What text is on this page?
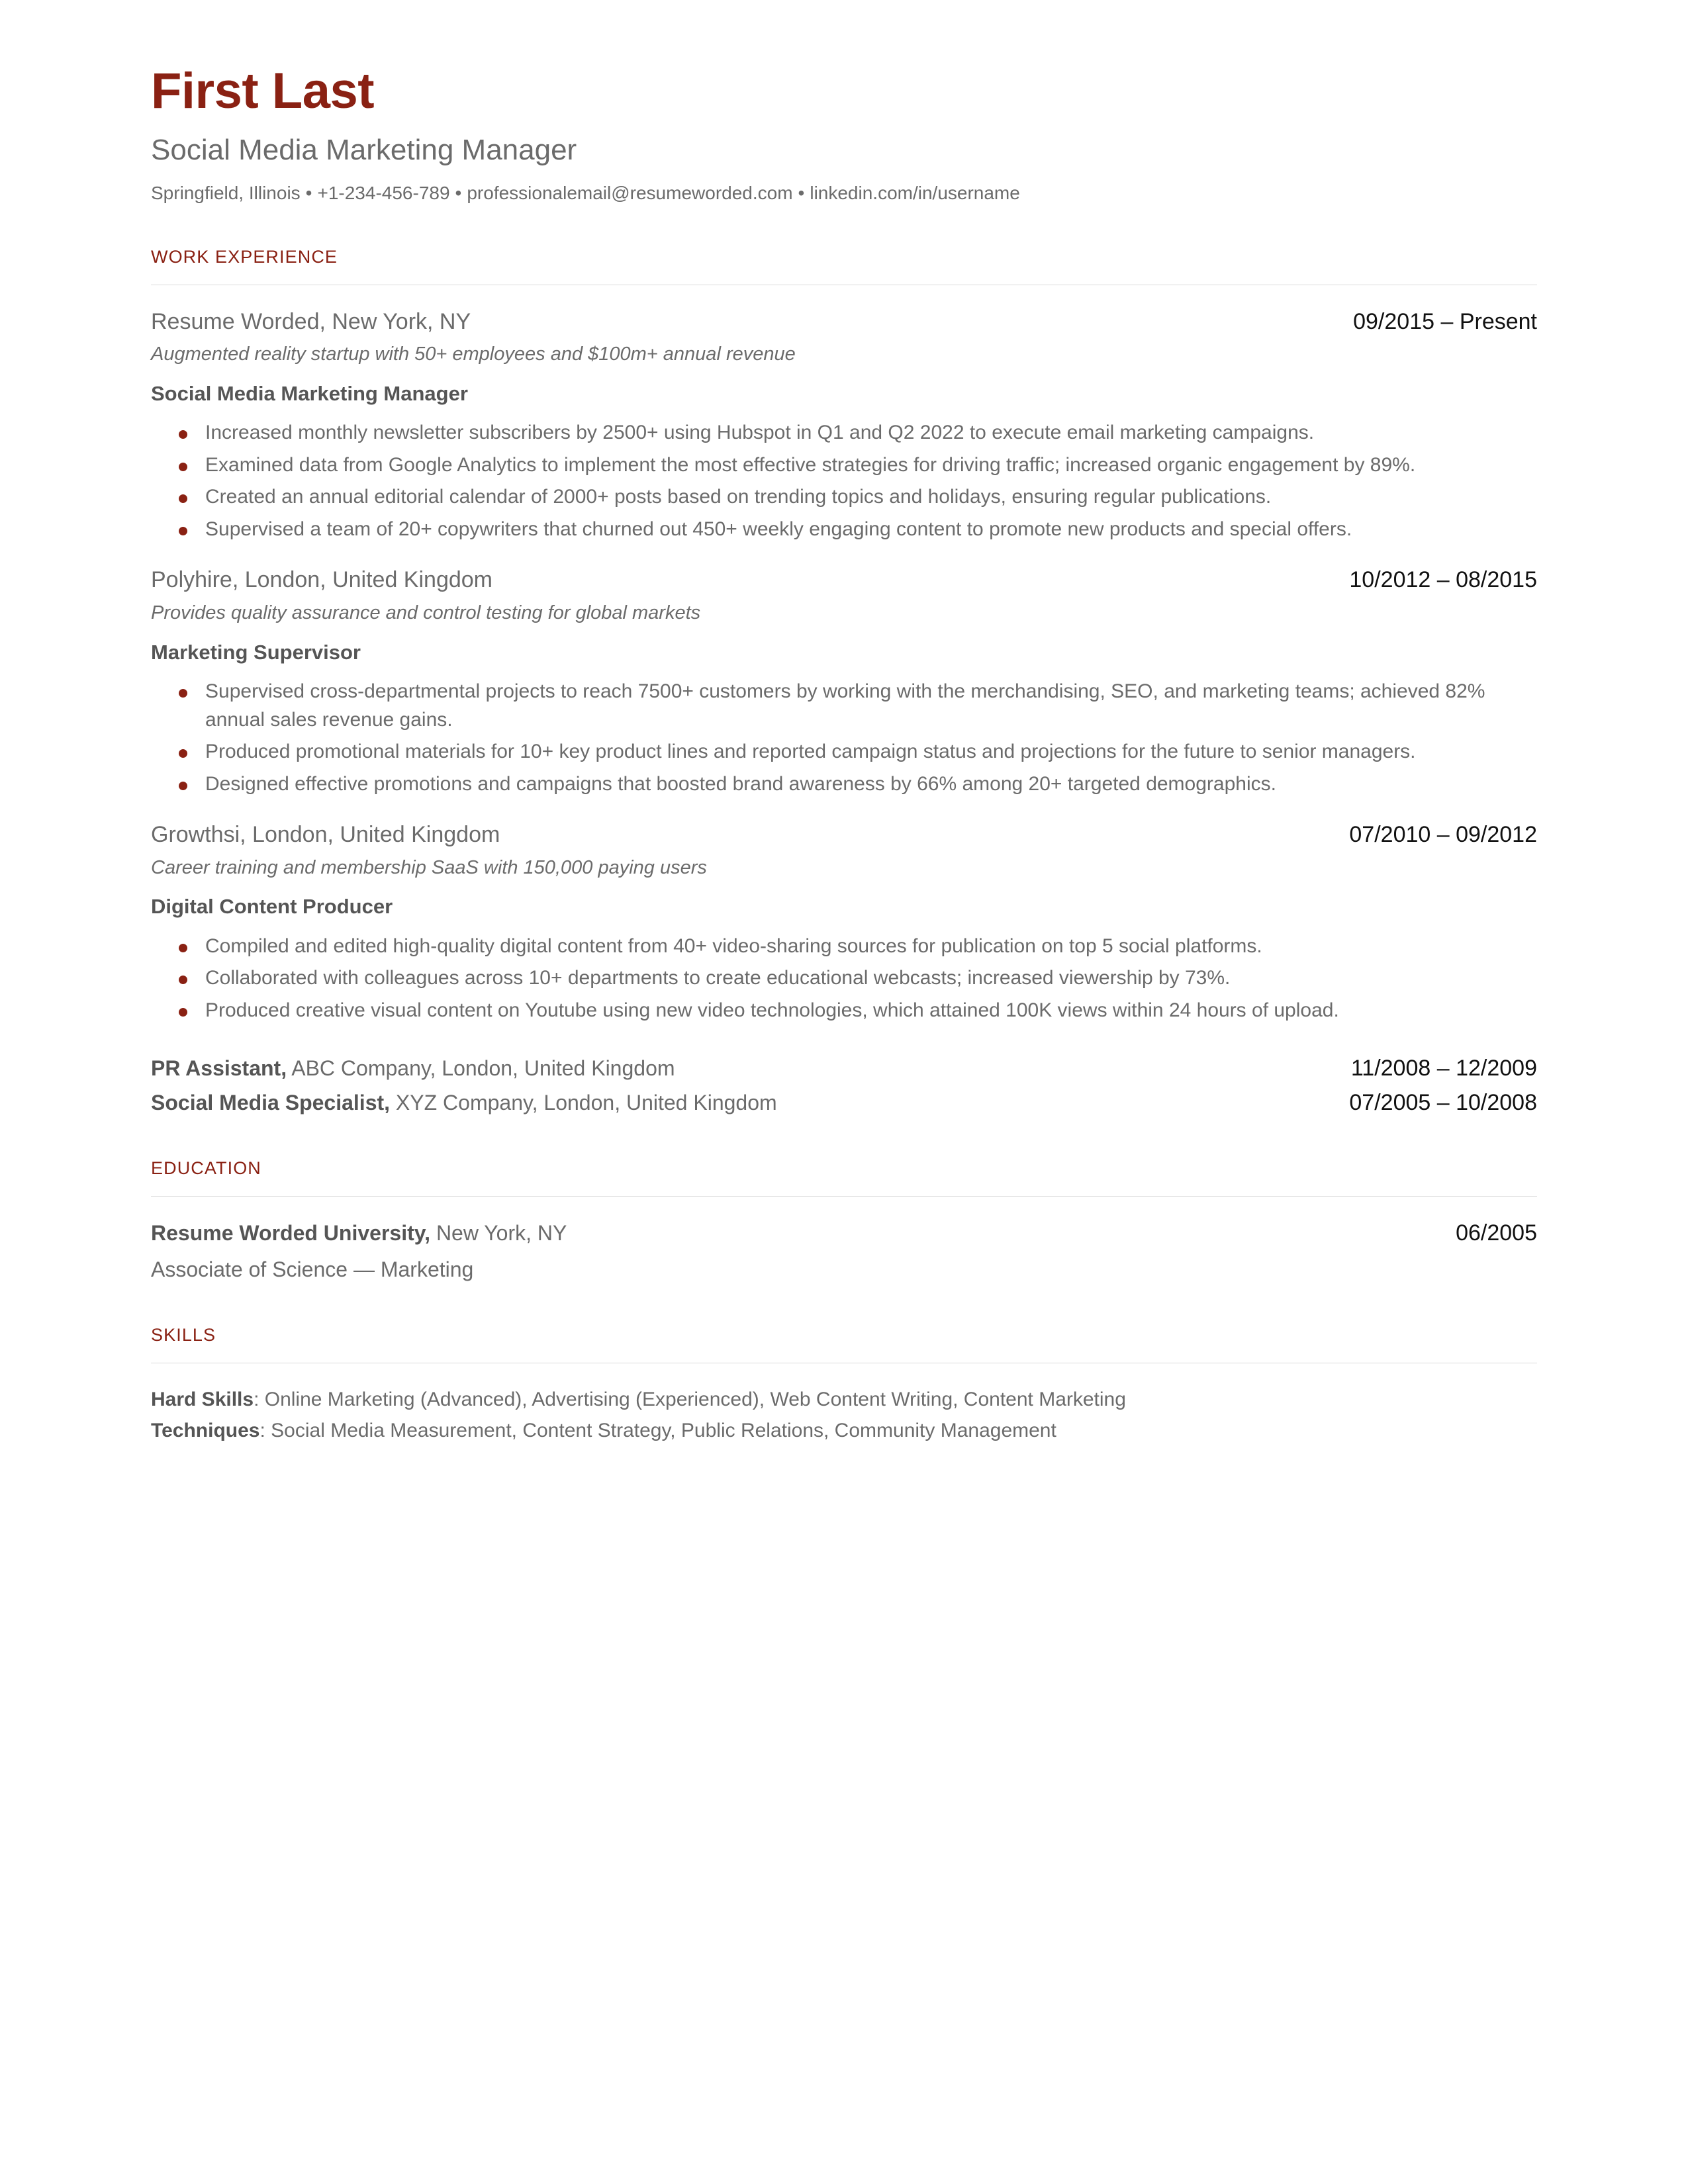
First Last
Social Media Marketing Manager
Springfield, Illinois • +1-234-456-789 • professionalemail@resumeworded.com • linkedin.com/in/username
WORK EXPERIENCE
Resume Worded, New York, NY	09/2015 – Present
Augmented reality startup with 50+ employees and $100m+ annual revenue
Social Media Marketing Manager
Increased monthly newsletter subscribers by 2500+ using Hubspot in Q1 and Q2 2022 to execute email marketing campaigns.
Examined data from Google Analytics to implement the most effective strategies for driving traffic; increased organic engagement by 89%.
Created an annual editorial calendar of 2000+ posts based on trending topics and holidays, ensuring regular publications.
Supervised a team of 20+ copywriters that churned out 450+ weekly engaging content to promote new products and special offers.
Polyhire, London, United Kingdom	10/2012 – 08/2015
Provides quality assurance and control testing for global markets
Marketing Supervisor
Supervised cross-departmental projects to reach 7500+ customers by working with the merchandising, SEO, and marketing teams; achieved 82% annual sales revenue gains.
Produced promotional materials for 10+ key product lines and reported campaign status and projections for the future to senior managers.
Designed effective promotions and campaigns that boosted brand awareness by 66% among 20+ targeted demographics.
Growthsi, London, United Kingdom	07/2010 – 09/2012
Career training and membership SaaS with 150,000 paying users
Digital Content Producer
Compiled and edited high-quality digital content from 40+ video-sharing sources for publication on top 5 social platforms.
Collaborated with colleagues across 10+ departments to create educational webcasts; increased viewership by 73%.
Produced creative visual content on Youtube using new video technologies, which attained 100K views within 24 hours of upload.
PR Assistant, ABC Company, London, United Kingdom	11/2008 – 12/2009
Social Media Specialist, XYZ Company, London, United Kingdom	07/2005 – 10/2008
EDUCATION
Resume Worded University, New York, NY	06/2005
Associate of Science — Marketing
SKILLS
Hard Skills: Online Marketing (Advanced), Advertising (Experienced), Web Content Writing, Content Marketing
Techniques: Social Media Measurement, Content Strategy, Public Relations, Community Management
